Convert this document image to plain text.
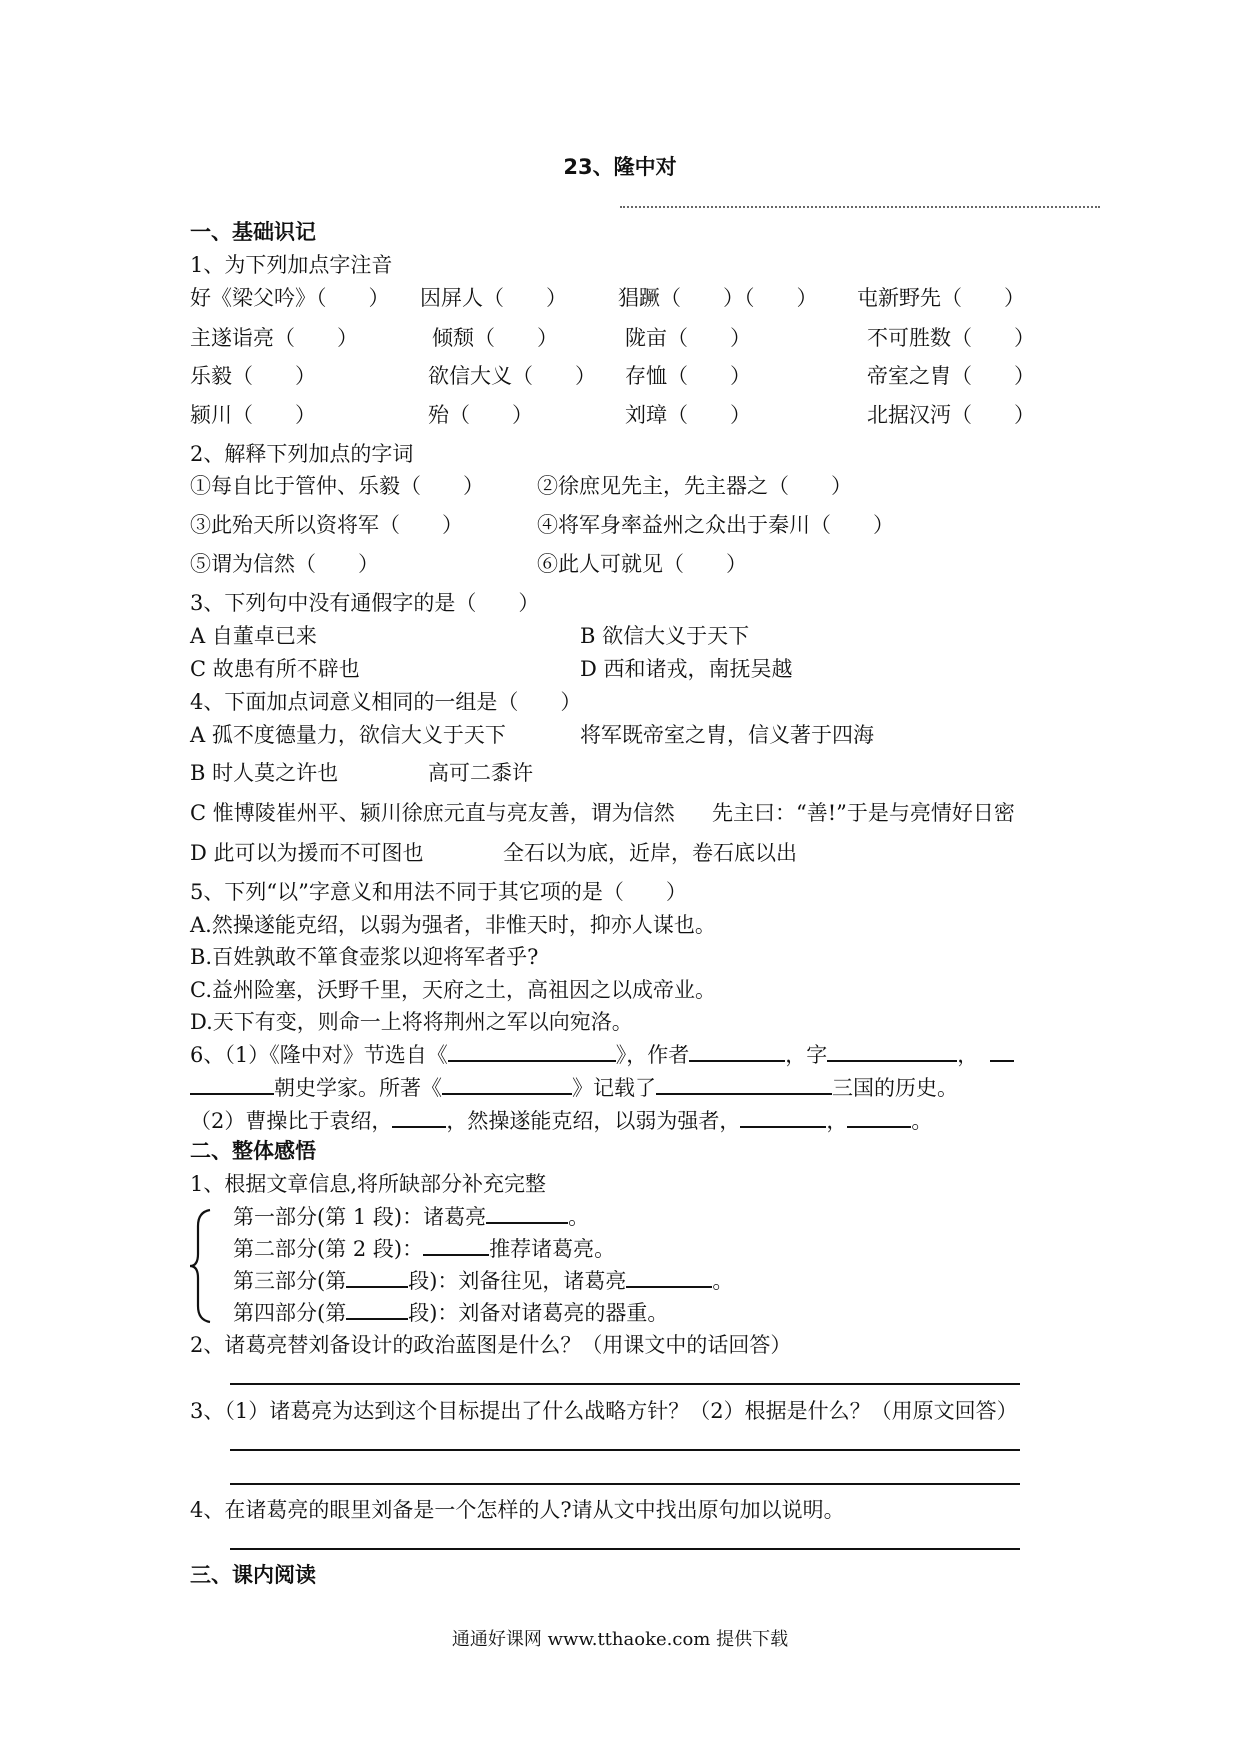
23、隆中对
一、基础识记
1、为下列加点字注音
好《梁父吟》（　　） 因屏人（　　） 猖蹶（　　）（　　） 屯新野先（　　）
主遂诣亮（　　）	倾颓（　　）	陇亩（　　）	不可胜数（　　）
乐毅（　　）	欲信大义（　　） 存恤（　　）	帝室之胄（　　）
颍川（　　）	殆（　　）	刘璋（　　）	北据汉沔（　　）
2、解释下列加点的字词
①每自比于管仲、乐毅（　　）	②徐庶见先主，先主器之（　　）
③此殆天所以资将军（　　）	④将军身率益州之众出于秦川（　　）
⑤谓为信然（　　）	⑥此人可就见（　　）
3、下列句中没有通假字的是（　　）
A 自董卓已来	B 欲信大义于天下
C 故患有所不辟也	D 西和诸戎，南抚吴越
4、下面加点词意义相同的一组是（　　）
A 孤不度德量力，欲信大义于天下	将军既帝室之胄，信义著于四海
B 时人莫之许也	高可二黍许
C 惟博陵崔州平、颍川徐庶元直与亮友善，谓为信然 先主曰：“善!”于是与亮情好日密
D 此可以为援而不可图也	全石以为底，近岸，卷石底以出
5、下列“以”字意义和用法不同于其它项的是（　　）
A.然操遂能克绍，以弱为强者，非惟天时，抑亦人谋也。
B.百姓孰敢不箪食壶浆以迎将军者乎?
C.益州险塞，沃野千里，天府之土，高祖因之以成帝业。
D.天下有变，则命一上将将荆州之军以向宛洛。
6、（1）《隆中对》节选自《	》，作者	，字	，
朝史学家。所著《	》记载了	三国的历史。
（2）曹操比于袁绍，	，然操遂能克绍，以弱为强者，	，	。
二、整体感悟
1、根据文章信息,将所缺部分补充完整
第一部分(第 1 段)：诸葛亮	。
第二部分(第 2 段)：	推荐诸葛亮。
第三部分(第	段)：刘备往见，诸葛亮	。
第四部分(第	段)：刘备对诸葛亮的器重。
2、诸葛亮替刘备设计的政治蓝图是什么？（用课文中的话回答）
3、（1）诸葛亮为达到这个目标提出了什么战略方针？（2）根据是什么？（用原文回答）
4、在诸葛亮的眼里刘备是一个怎样的人?请从文中找出原句加以说明。
三、课内阅读
通通好课网 www.tthaoke.com 提供下载
